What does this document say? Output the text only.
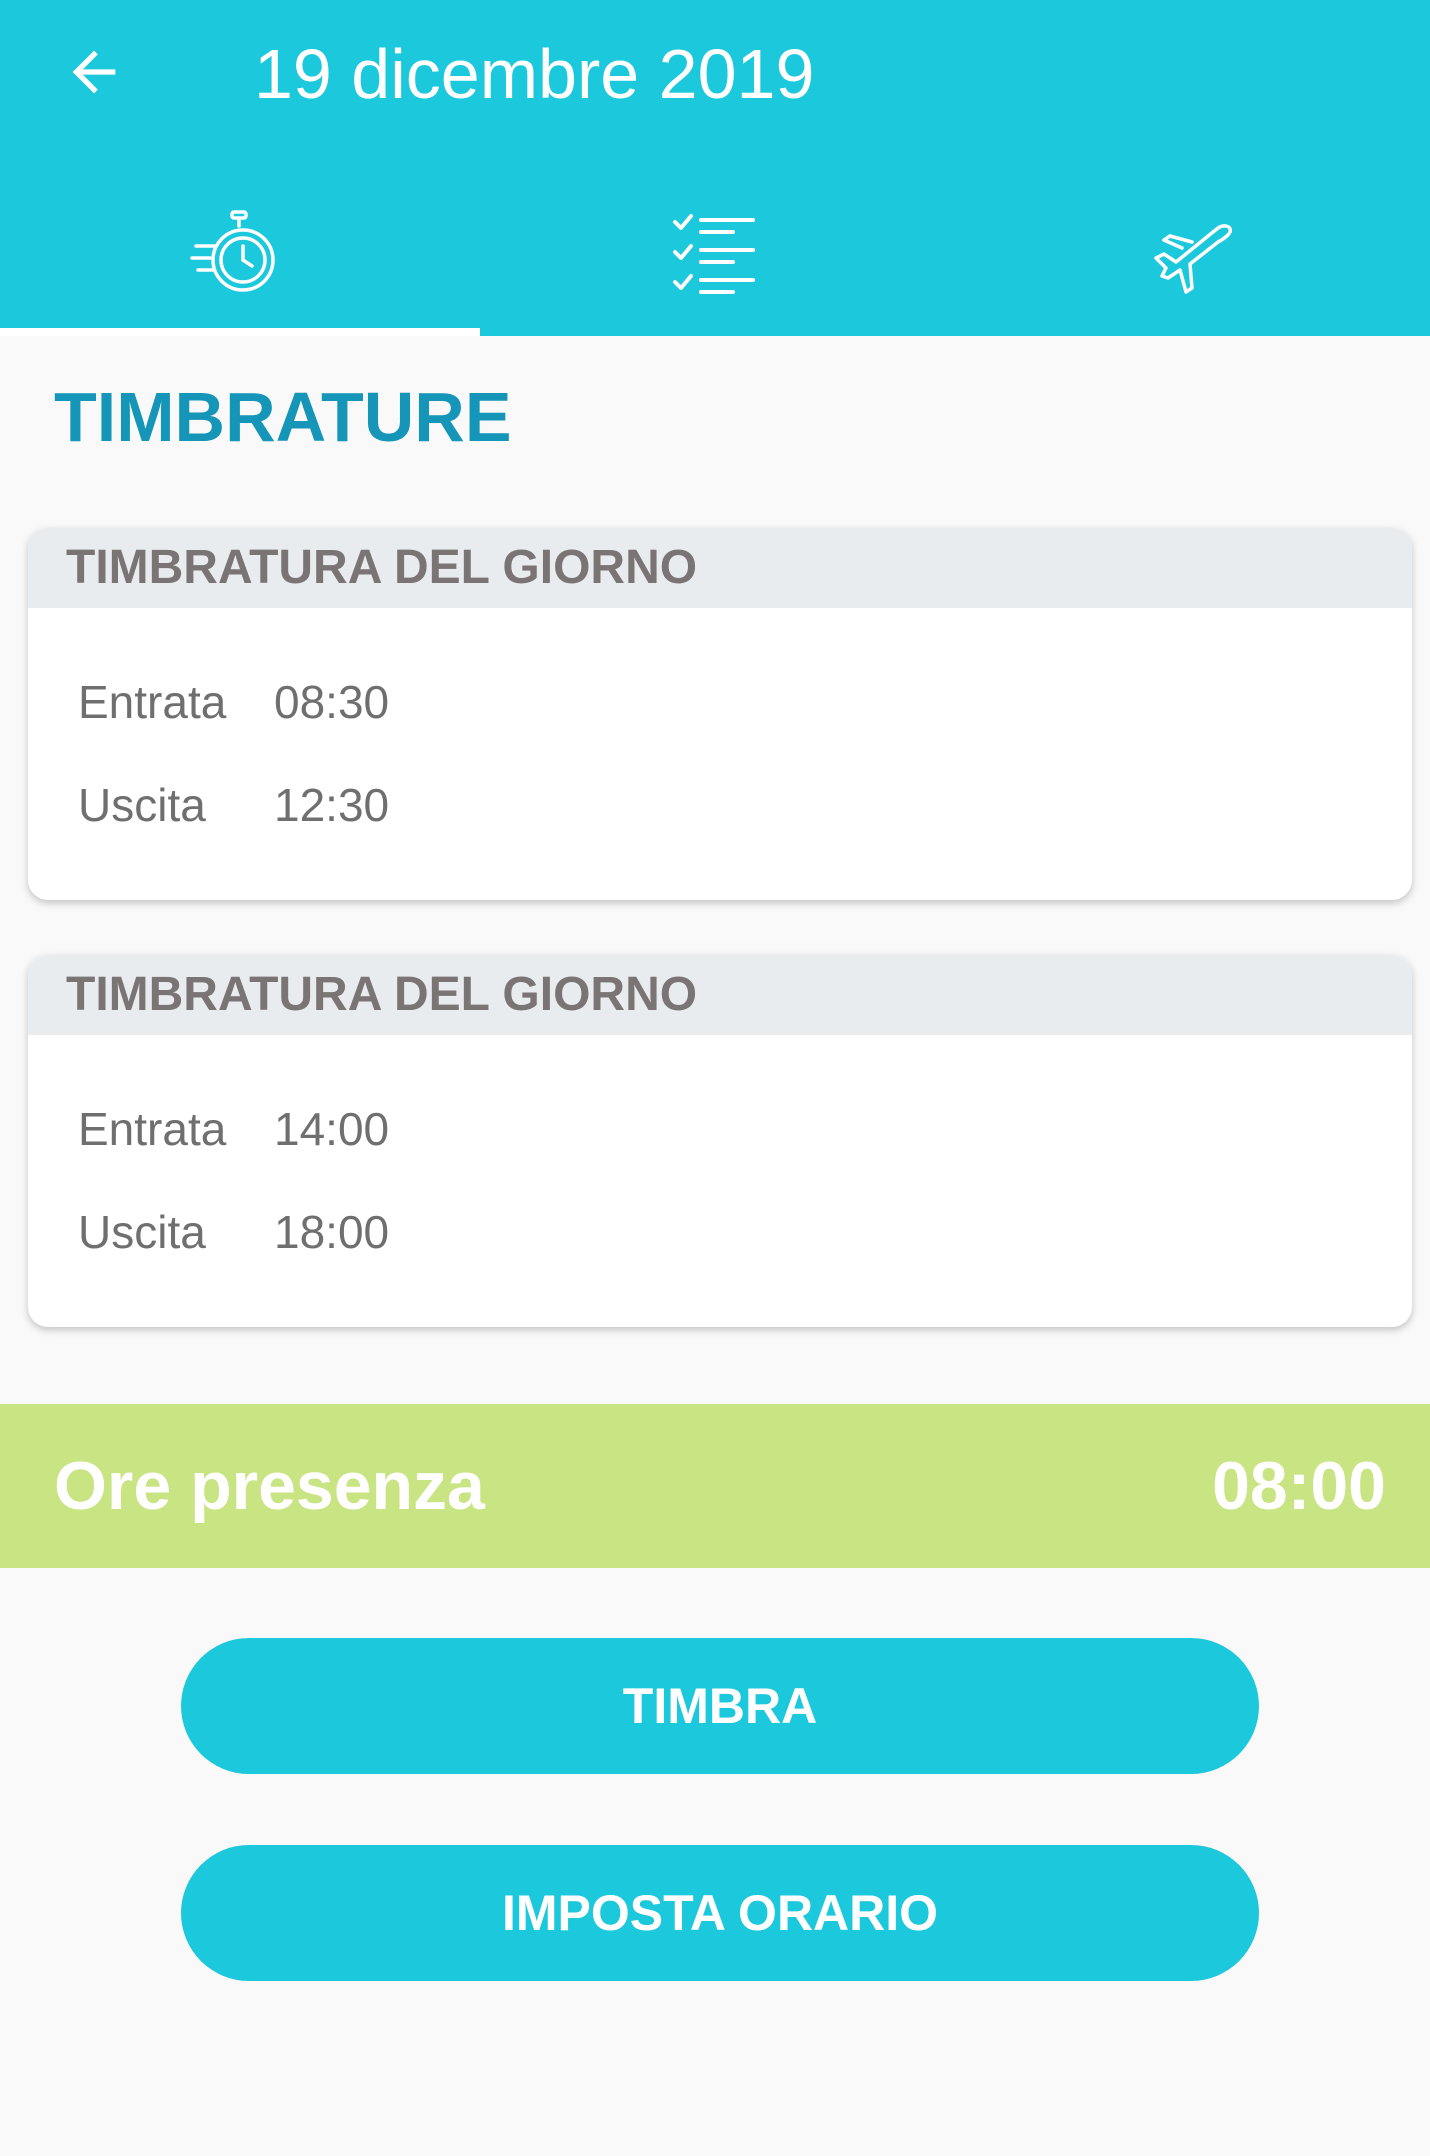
19 dicembre 2019
TIMBRATURE
TIMBRATURA DEL GIORNO
Entrata	08:30
Uscita	12:30
TIMBRATURA DEL GIORNO
Entrata	14:00
Uscita	18:00
Ore presenza	08:00
TIMBRA
IMPOSTA ORARIO
